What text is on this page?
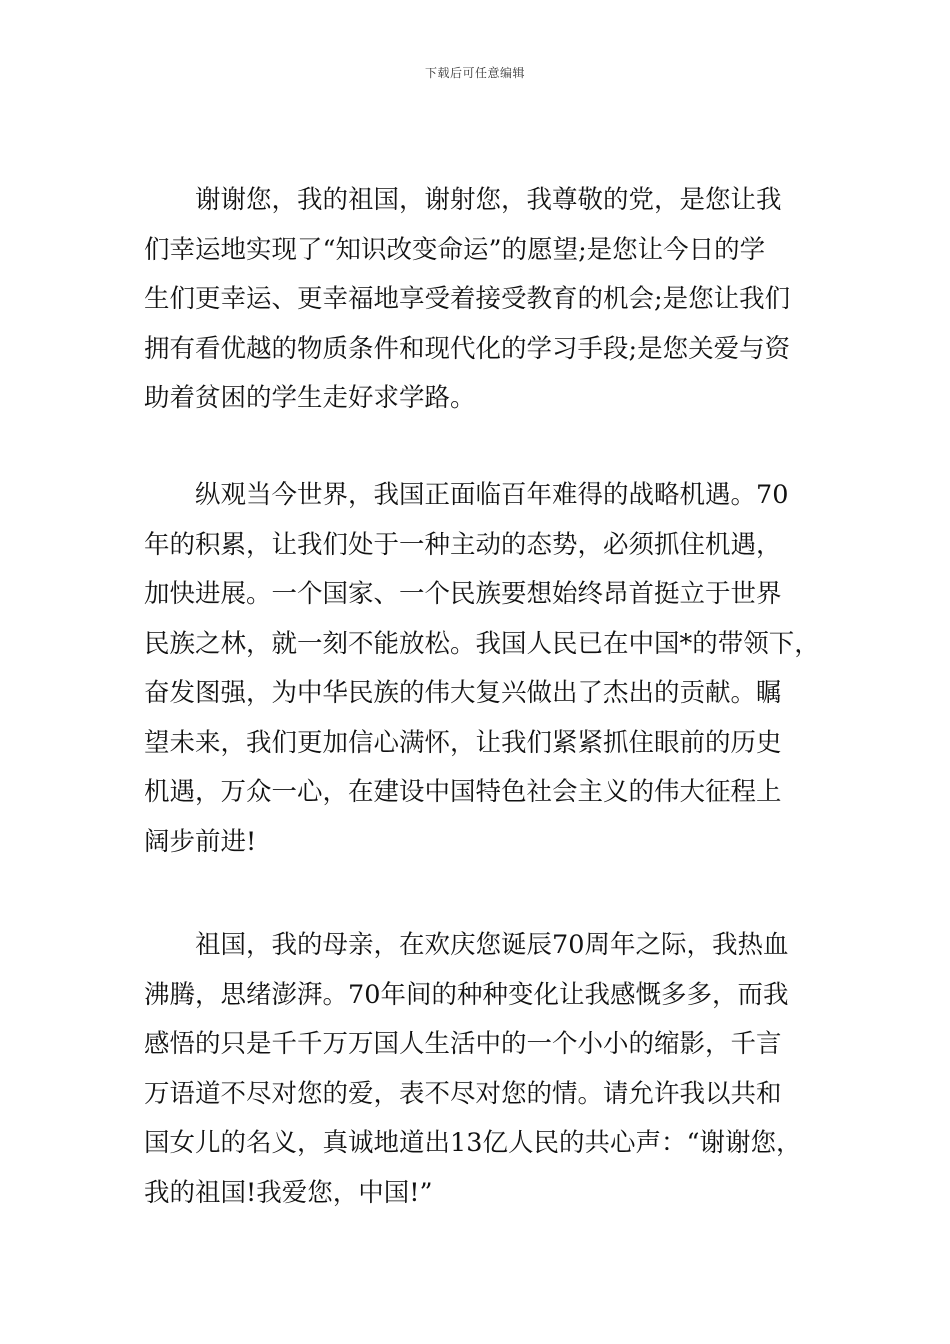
下载后可任意编辑
谢谢您，我的祖国，谢射您，我尊敬的党，是您让我
们幸运地实现了“知识改变命运”的愿望;是您让今日的学
生们更幸运、更幸福地享受着接受教育的机会;是您让我们
拥有看优越的物质条件和现代化的学习手段;是您关爱与资
助着贫困的学生走好求学路。
纵观当今世界，我国正面临百年难得的战略机遇。70
年的积累，让我们处于一种主动的态势，必须抓住机遇，
加快进展。一个国家、一个民族要想始终昂首挺立于世界
民族之林，就一刻不能放松。我国人民已在中国*的带领下，
奋发图强，为中华民族的伟大复兴做出了杰出的贡献。瞩
望未来，我们更加信心满怀，让我们紧紧抓住眼前的历史
机遇，万众一心，在建设中国特色社会主义的伟大征程上
阔步前进!
祖国，我的母亲，在欢庆您诞辰70周年之际，我热血
沸腾，思绪澎湃。70年间的种种变化让我感慨多多，而我
感悟的只是千千万万国人生活中的一个小小的缩影，千言
万语道不尽对您的爱，表不尽对您的情。请允许我以共和
国女儿的名义，真诚地道出13亿人民的共心声：“谢谢您，
我的祖国!我爱您，中国!”
